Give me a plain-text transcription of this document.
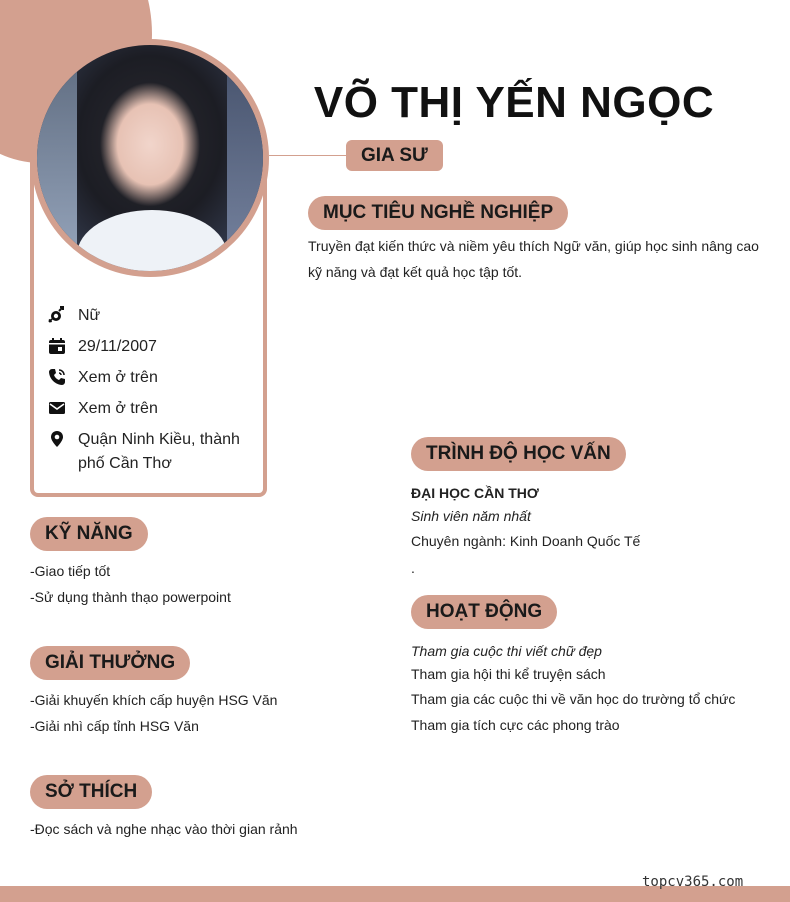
VÕ THỊ YẾN NGỌC
GIA SƯ
Nữ
29/11/2007
Xem ở trên
Xem ở trên
Quận Ninh Kiều, thành phố Cần Thơ
MỤC TIÊU NGHỀ NGHIỆP
Truyền đạt kiến thức và niềm yêu thích Ngữ văn, giúp học sinh nâng cao kỹ năng và đạt kết quả học tập tốt.
KỸ NĂNG
-Giao tiếp tốt
-Sử dụng thành thạo powerpoint
GIẢI THƯỞNG
-Giải khuyến khích cấp huyện HSG Văn
-Giải nhì cấp tỉnh HSG Văn
SỞ THÍCH
-Đọc sách và nghe nhạc vào thời gian rảnh
TRÌNH ĐỘ HỌC VẤN
ĐẠI HỌC CẦN THƠ
Sinh viên năm nhất
Chuyên ngành: Kinh Doanh Quốc Tế
.
HOẠT ĐỘNG
Tham gia cuộc thi viết chữ đẹp
Tham gia hội thi kể truyện sách
Tham gia các cuộc thi về văn học do trường tổ chức
Tham gia tích cực các phong trào
topcv365.com
